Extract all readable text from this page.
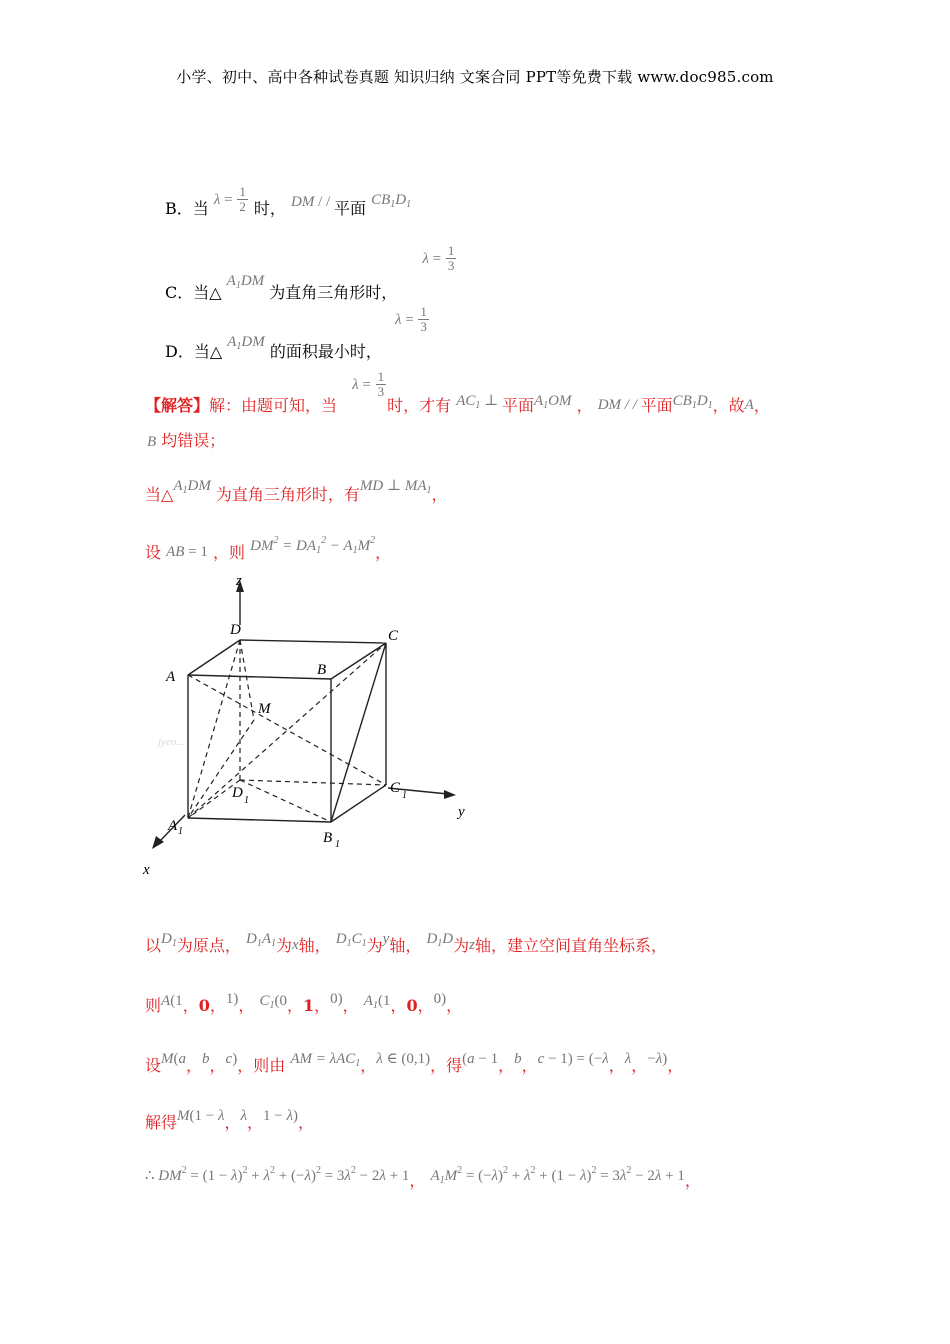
小学、初中、高中各种试卷真题 知识归纳 文案合同 PPT等免费下载 www.doc985.com
B．当 $\lambda = \frac{1}{2}$ 时， DM / / 平面 $CB_1D_1$
C．当△ $A_1DM$ 为直角三角形时， $\lambda = \frac{1}{3}$
D．当△ $A_1DM$ 的面积最小时， $\lambda = \frac{1}{3}$
【解答】解：由题可知，当 $\lambda = \frac{1}{3}$
时，才有 $AC_1$ ⊥ 平面$A_1OM$ ， DM / / 平面$CB_1D_1$，故A，
B 均错误；
当$\triangle A_1DM$ 为直角三角形时，有MD ⊥ $MA_1$，
设 AB = 1 ，则 $DM^2 = DA_1^2 - A_1M^2$，
jyeo...
z
y
x
D	C
A	B
M
D 1
C 1
A 1	B 1
以$D_1$为原点， $D_1A_1$为x轴， $D_1C_1$为y轴， $D_1D$为z轴，建立空间直角坐标系，
则A(1，0，1)， $C_1(0$，1，0)， $A_1(1$，0，0)，
设M(a，b，c)，则由 AM = λAC$_1$，λ ∈ (0,1)，得(a − 1，b，c − 1) = (−λ，λ，−λ)，
解得M(1 − λ，λ，1 − λ)，
∴ $DM^2 = (1 - \lambda)^2 + \lambda^2 + (-\lambda)^2 = 3\lambda^2 - 2\lambda + 1$， $A_1M^2 = (-\lambda)^2 + \lambda^2 + (1 - \lambda)^2 = 3\lambda^2 - 2\lambda + 1$，
